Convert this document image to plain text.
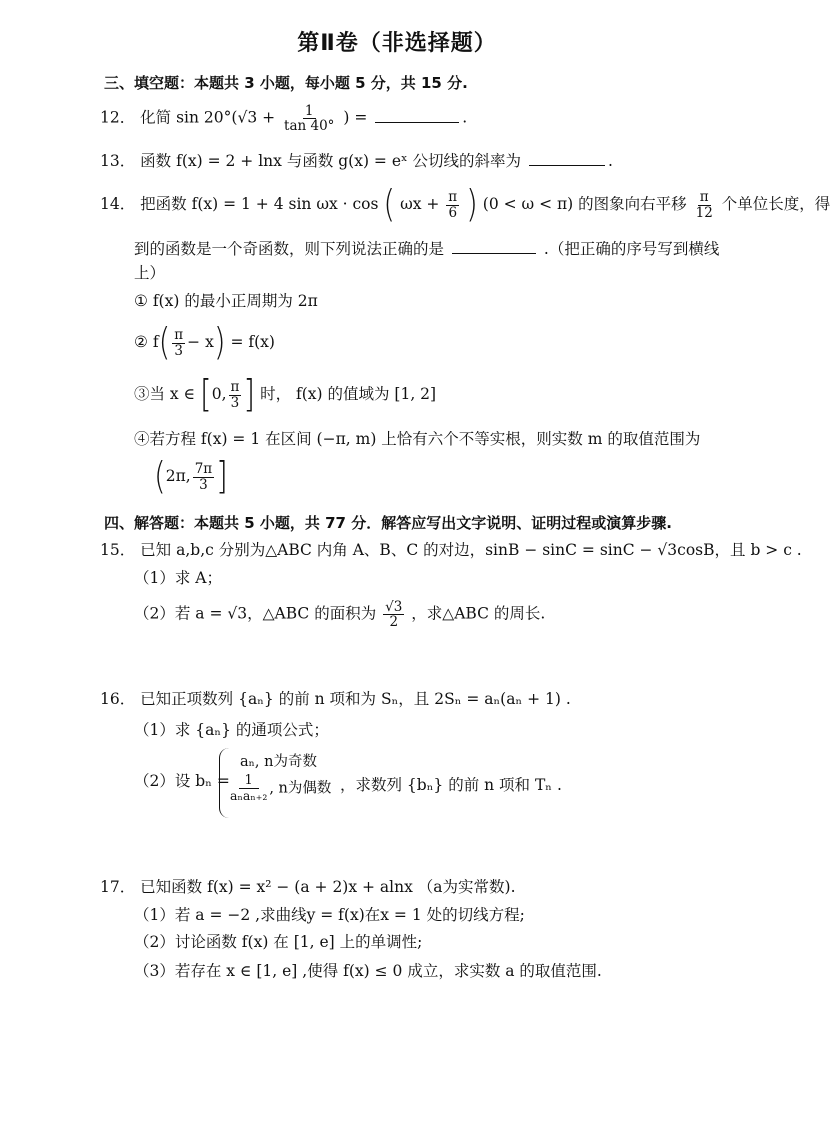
第Ⅱ卷（非选择题）
三、填空题：本题共 3 小题，每小题 5 分，共 15 分.
12． 化简 $\sin 20^\circ(√3 + \frac{1}{\tan 40^\circ}$ ) =	.
13． 函数 f(x) = 2 + lnx 与函数 g(x) = eˣ 公切线的斜率为	.
14． 把函数 f(x) = 1 + 4 sin ωx · cos ( $\omega x + \frac{\pi}{6}$ ) (0 < ω < π) 的图象向右平移 $\frac{\pi}{12}$ 个单位长度，得
到的函数是一个奇函数，则下列说法正确的是	.（把正确的序号写到横线
上）
① f(x) 的最小正周期为 2π
② $f( \frac{\pi}{3} - x) = f(x)$
③当 x ∈ [0, $\frac{\pi}{3}$ ] 时， f(x) 的值域为 [1, 2]
④若方程 f(x) = 1 在区间 (−π, m) 上恰有六个不等实根，则实数 m 的取值范围为
(2π, $\frac{7\pi}{3}$ ]
四、解答题：本题共 5 小题，共 77 分．解答应写出文字说明、证明过程或演算步骤.
15． 已知 a,b,c 分别为△ABC 内角 A、B、C 的对边，sinB − sinC = sinC − √3cosB，且 b > c .
（1）求 A；
（2）若 a = √3，△ABC 的面积为 $\frac{√3}{2}$ ，求△ABC 的周长.
16． 已知正项数列 {aₙ} 的前 n 项和为 Sₙ，且 2Sₙ = aₙ(aₙ + 1) .
（1）求 {aₙ} 的通项公式；
（2）设 bₙ =
aₙ, n为奇数
$\frac{1}{\text{aₙaₙ₊₂}}$ , n为偶数 ，求数列 {bₙ} 的前 n 项和 Tₙ .
17． 已知函数 f(x) = x² − (a + 2)x + alnx （a为实常数).
（1）若 a = −2 ,求曲线y = f(x)在x = 1 处的切线方程;
（2）讨论函数 f(x) 在 [1, e] 上的单调性;
（3）若存在 x ∈ [1, e] ,使得 f(x) ≤ 0 成立，求实数 a 的取值范围.
